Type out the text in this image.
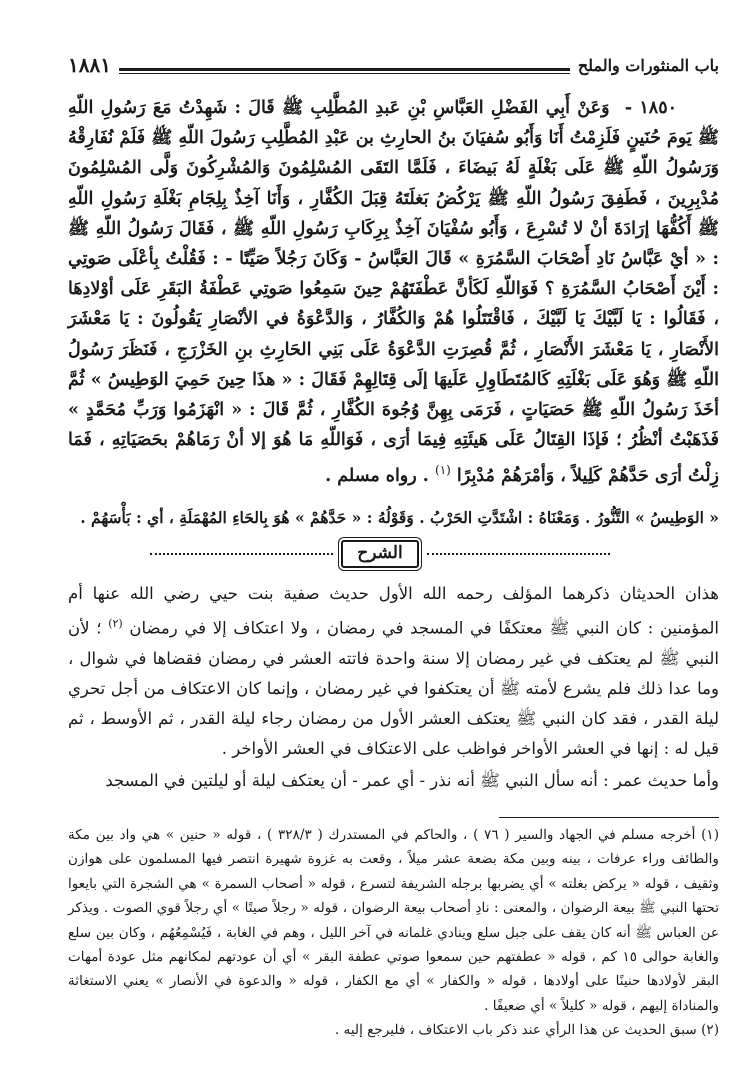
باب المنثورات والملح
١٨٨١

١٨٥٠ - وَعَنْ أَبِي الفَضْلِ العَبَّاسِ بْنِ عَبدِ المُطَّلِبِ ﷺ قَالَ : شَهِدْتُ مَعَ رَسُولِ اللّهِ ﷺ يَومَ حُنَينٍ فَلَزِمْتُ أَنَا وَأَبُو سُفيَانَ بنُ الحارِثِ بن عَبْدِ المُطَّلِبِ رَسُولَ اللّهِ ﷺ فَلَمْ نُفَارِقْهُ وَرَسُولُ اللّهِ ﷺ عَلَى بَغْلَةٍ لَهُ بَيضَاءَ ، فَلَمَّا التَقَى المُسْلِمُونَ وَالمُشْرِكُونَ وَلَّى المُسْلِمُونَ مُدْبِرِينَ ، فَطَفِقَ رَسُولُ اللّهِ ﷺ يَرْكُضُ بَغلَتَهُ قِبَلَ الكُفَّارِ ، وَأَنَا آخِذٌ بِلِجَامِ بَغْلَةِ رَسُولِ اللّهِ ﷺ أَكُفُّهَا إرَادَةَ أنْ لا تُسْرِعَ ، وَأَبُو سُفْيَانَ آخِذٌ بِرِكَابِ رَسُولِ اللّهِ ﷺ ، فَقَالَ رَسُولُ اللّهِ ﷺ : « أيْ عَبَّاسُ نَادِ أَصْحَابَ السَّمُرَةِ » قَالَ العَبَّاسُ - وَكَانَ رَجُلاً صَيِّتًا - : فَقُلْتُ بِأعْلَى صَوتِي : أَيْنَ أَصْحَابُ السَّمُرَةِ ؟ فَوَاللّهِ لَكَأنَّ عَطْفَتَهُمْ حِينَ سَمِعُوا صَوتِي عَطْفَةُ البَقَرِ عَلَى أوْلادِهَا ، فَقَالُوا : يَا لَبَّيْكَ يَا لَبَّيْكَ ، فَاقْتَتَلُوا هُمْ وَالكُفَّارُ ، وَالدَّعْوَةُ في الأنْصَارِ يَقُولُونَ : يَا مَعْشَرَ الأَنْصَارِ ، يَا مَعْشَرَ الأَنْصَارِ ، ثُمَّ قُصِرَتِ الدَّعْوَةُ عَلَى بَنِي الحَارِثِ بنِ الخَزْرَجِ ، فَنَظَرَ رَسُولُ اللّهِ ﷺ وَهُوَ عَلَى بَغْلَتِهِ كَالمُتَطَاوِلِ عَلَيهَا إلَى قِتَالِهِمْ فَقَالَ : « هذَا حِينَ حَمِيَ الوَطِيسُ » ثُمَّ أخَذَ رَسُولُ اللّهِ ﷺ حَصَيَاتٍ ، فَرَمَى بِهِنَّ وُجُوهَ الكُفَّارِ ، ثُمَّ قَالَ : « انْهَزَمُوا وَرَبِّ مُحَمَّدٍ » فَذَهَبْتُ أنْظُرُ ؛ فَإذَا القِتَالُ عَلَى هَيئَتِهِ فِيمَا أرَى ، فَوَاللّهِ مَا هُوَ إلا أنْ رَمَاهُمْ بحَصَيَاتِهِ ، فَمَا زِلْتُ أرَى حَدَّهُمْ كَلِيلاً ، وَأمْرَهُمْ مُدْبِرًا $^{(١)}$ . رواه مسلم .

« الوَطِيسُ » التَّنُّورُ . وَمَعْنَاهُ : اشْتَدَّتِ الحَرْبُ . وَقَوْلُهُ : « حَدَّهُمْ » هُوَ بِالحَاءِ المُهْمَلَةِ ، أي : بَأْسَهُمْ .
الشرح

هذان الحديثان ذكرهما المؤلف رحمه الله الأول حديث صفية بنت حيي رضي الله عنها أم المؤمنين : كان النبي ﷺ معتكفًا في المسجد في رمضان ، ولا اعتكاف إلا في رمضان $^{(٢)}$ ؛ لأن النبي ﷺ لم يعتكف في غير رمضان إلا سنة واحدة فاتته العشر في رمضان فقضاها في شوال ، وما عدا ذلك فلم يشرع لأمته ﷺ أن يعتكفوا في غير رمضان ، وإنما كان الاعتكاف من أجل تحري ليلة القدر ، فقد كان النبي ﷺ يعتكف العشر الأول من رمضان رجاء ليلة القدر ، ثم الأوسط ، ثم قيل له : إنها في العشر الأواخر فواظب على الاعتكاف في العشر الأواخر .

وأما حديث عمر : أنه سأل النبي ﷺ أنه نذر - أي عمر - أن يعتكف ليلة أو ليلتين في المسجد

(١) أخرجه مسلم في الجهاد والسير ( ٧٦ ) ، والحاكم في المستدرك ( ٣٢٨/٣ ) ، قوله « حنين » هي واد بين مكة والطائف وراء عرفات ، بينه وبين مكة بضعة عشر ميلاً ، وقعت به غزوة شهيرة انتصر فيها المسلمون على هوازن وثقيف ، قوله « يركض بغلته » أي يضربها برجله الشريفة لتسرع ، قوله « أصحاب السمرة » هي الشجرة التي بايعوا تحتها النبي ﷺ بيعة الرضوان ، والمعنى : نادِ أصحاب بيعة الرضوان ، قوله « رجلاً صيتًا » أي رجلاً قوي الصوت . ويذكر عن العباس ﷺ أنه كان يقف على جبل سلع وينادي غلمانه في آخر الليل ، وهم في الغابة ، فَيُسْمِعُهُم ، وكان بين سلع والغابة حوالى ١٥ كم ، قوله « عطفتهم حين سمعوا صوتي عطفة البقر » أي أن عودتهم لمكانهم مثل عودة أمهات البقر لأولادها حنينًا على أولادها ، قوله « والكفار » أي مع الكفار ، قوله « والدعوة في الأنصار » يعني الاستغاثة والمناداة إليهم ، قوله « كليلاً » أي ضعيفًا .

(٢) سبق الحديث عن هذا الرأي عند ذكر باب الاعتكاف ، فليرجع إليه .
